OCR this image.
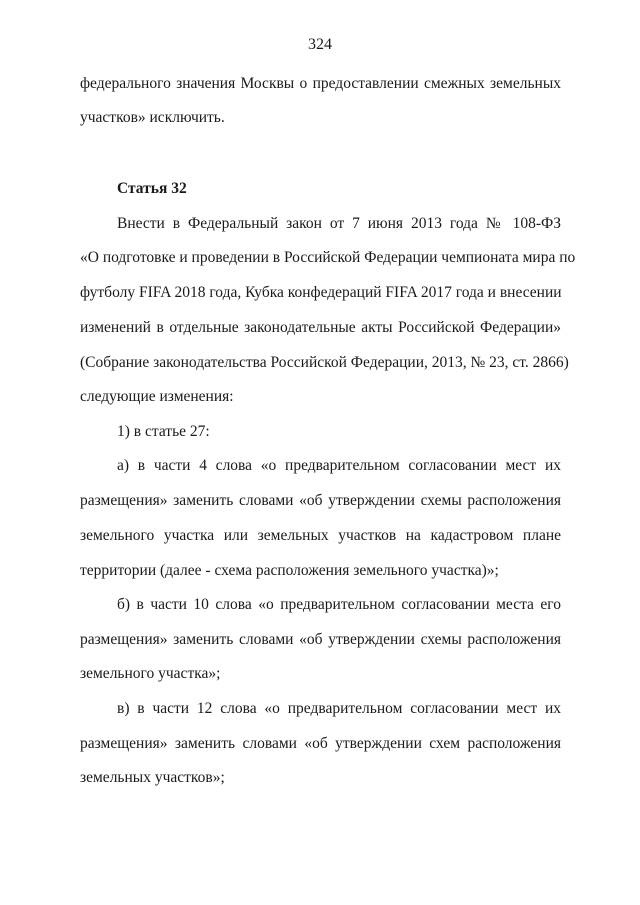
324
федерального значения Москвы о предоставлении смежных земельных
участков» исключить.
Статья 32
Внести в Федеральный закон от 7 июня 2013 года № 108-ФЗ
«О подготовке и проведении в Российской Федерации чемпионата мира по
футболу FIFA 2018 года, Кубка конфедераций FIFA 2017 года и внесении
изменений в отдельные законодательные акты Российской Федерации»
(Собрание законодательства Российской Федерации, 2013, № 23, ст. 2866)
следующие изменения:
1) в статье 27:
а) в части 4 слова «о предварительном согласовании мест их
размещения» заменить словами «об утверждении схемы расположения
земельного участка или земельных участков на кадастровом плане
территории (далее - схема расположения земельного участка)»;
б) в части 10 слова «о предварительном согласовании места его
размещения» заменить словами «об утверждении схемы расположения
земельного участка»;
в) в части 12 слова «о предварительном согласовании мест их
размещения» заменить словами «об утверждении схем расположения
земельных участков»;
